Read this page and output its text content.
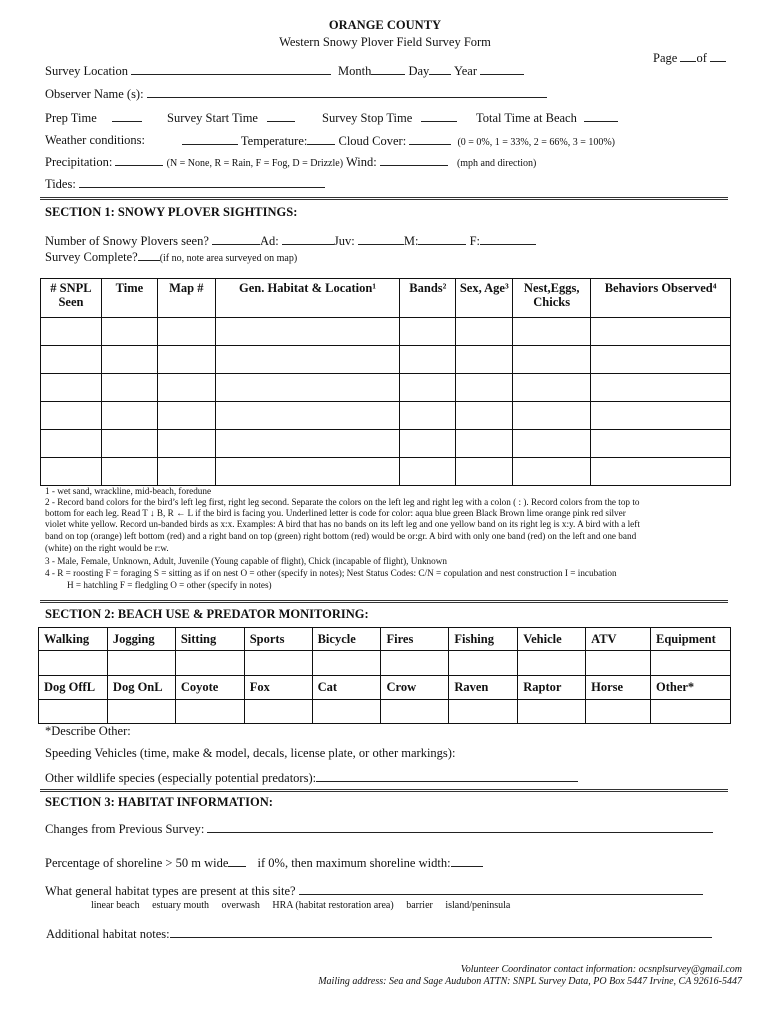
ORANGE COUNTY
Western Snowy Plover Field Survey Form
Page of
Survey Location	Month	Day Year
Observer Name (s):
Prep Time	Survey Start Time	Survey Stop Time	Total Time at Beach
Weather conditions:	Temperature: Cloud Cover:	(0 = 0%, 1 = 33%, 2 = 66%, 3 = 100%)
Precipitation:	(N = None, R = Rain, F = Fog, D = Drizzle) Wind:	(mph and direction)
Tides:
SECTION 1: SNOWY PLOVER SIGHTINGS:
Number of Snowy Plovers seen?	Ad:	Juv:	M:	F:
Survey Complete? (if no, note area surveyed on map)
# SNPL Seen	Time	Map #	Gen. Habitat & Location¹	Bands²	Sex, Age³	Nest,Eggs, Chicks	Behaviors Observed⁴

1 - wet sand, wrackline, mid-beach, foredune
2 - Record band colors for the bird’s left leg first, right leg second. Separate the colors on the left leg and right leg with a colon ( : ). Record colors from the top to
bottom for each leg. Read T ↓ B, R ← L if the bird is facing you. Underlined letter is code for color: aqua blue green Black Brown lime orange pink red silver
violet white yellow. Record un-banded birds as x:x. Examples: A bird that has no bands on its left leg and one yellow band on its right leg is x:y. A bird with a left
band on top (orange) left bottom (red) and a right band on top (green) right bottom (red) would be or:gr. A bird with only one band (red) on the left and one band
(white) on the right would be r:w.
3 - Male, Female, Unknown, Adult, Juvenile (Young capable of flight), Chick (incapable of flight), Unknown
4 - R = roosting F = foraging S = sitting as if on nest O = other (specify in notes); Nest Status Codes: C/N = copulation and nest construction I = incubation
H = hatchling F = fledgling O = other (specify in notes)
SECTION 2: BEACH USE & PREDATOR MONITORING:
Walking	Jogging	Sitting	Sports	Bicycle	Fires	Fishing	Vehicle	ATV	Equipment

Dog OffL	Dog OnL	Coyote	Fox	Cat	Crow	Raven	Raptor	Horse	Other*

*Describe Other:
Speeding Vehicles (time, make & model, decals, license plate, or other markings):
Other wildlife species (especially potential predators):
SECTION 3: HABITAT INFORMATION:
Changes from Previous Survey:
Percentage of shoreline > 50 m wide if 0%, then maximum shoreline width:
What general habitat types are present at this site?
linear beach estuary mouth overwash HRA (habitat restoration area) barrier island/peninsula
Additional habitat notes:
Volunteer Coordinator contact information: ocsnplsurvey@gmail.com
Mailing address: Sea and Sage Audubon ATTN: SNPL Survey Data, PO Box 5447 Irvine, CA 92616-5447
